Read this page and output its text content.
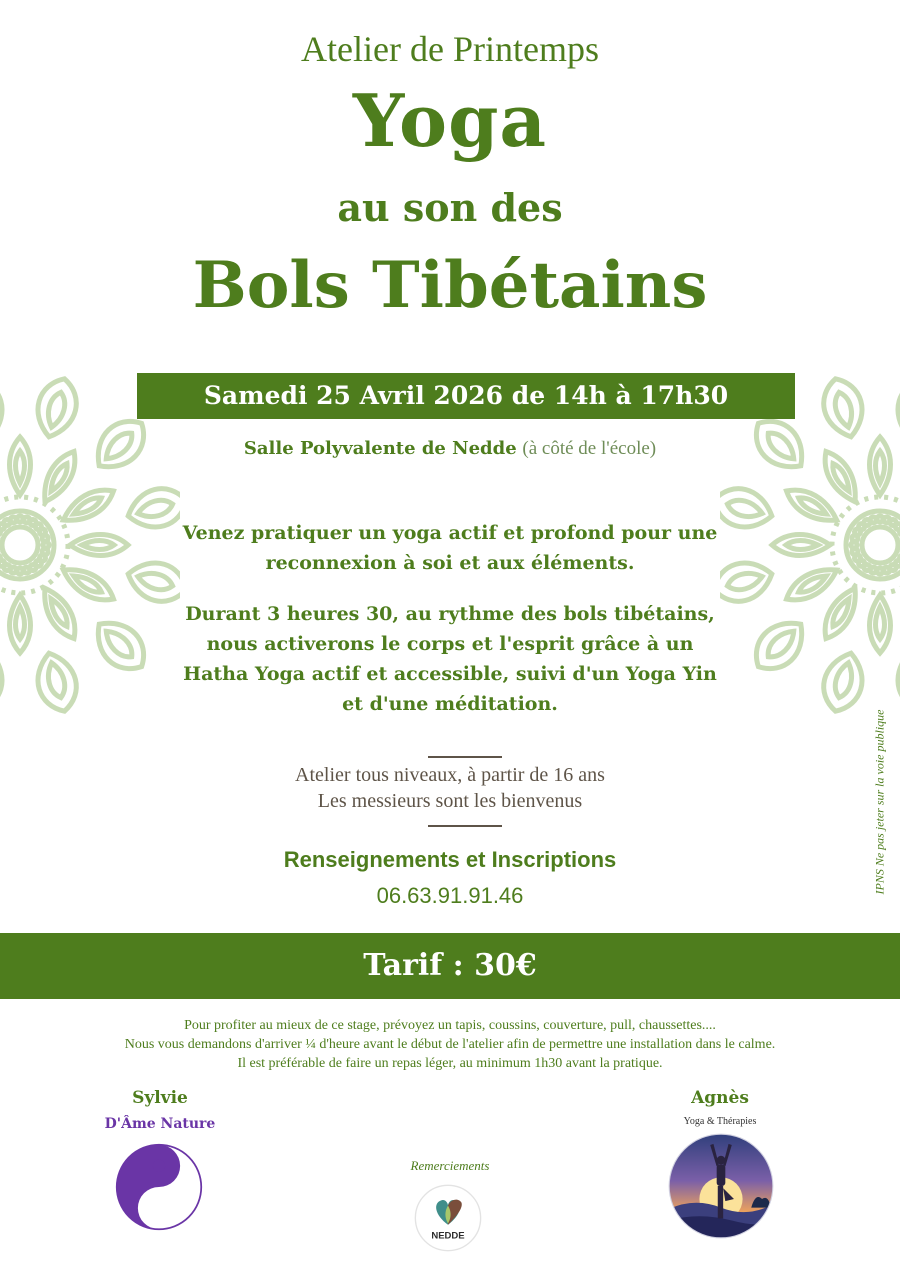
Atelier de Printemps
Yoga
au son des
Bols Tibétains
Samedi 25 Avril 2026 de 14h à 17h30
Salle Polyvalente de Nedde (à côté de l'école)
Venez pratiquer un yoga actif et profond pour une
reconnexion à soi et aux éléments.
Durant 3 heures 30, au rythme des bols tibétains,
nous activerons le corps et l'esprit grâce à un
Hatha Yoga actif et accessible, suivi d'un Yoga Yin
et d'une méditation.
Atelier tous niveaux, à partir de 16 ans
Les messieurs sont les bienvenus
Renseignements et Inscriptions
06.63.91.91.46
Tarif : 30€
Pour profiter au mieux de ce stage, prévoyez un tapis, coussins, couverture, pull, chaussettes....
Nous vous demandons d'arriver ¼ d'heure avant le début de l'atelier afin de permettre une installation dans le calme.
Il est préférable de faire un repas léger, au minimum 1h30 avant la pratique.
Sylvie
D'Âme Nature
Remerciements
NEDDE
Agnès
Yoga & Thérapies
IPNS Ne pas jeter sur la voie publique
